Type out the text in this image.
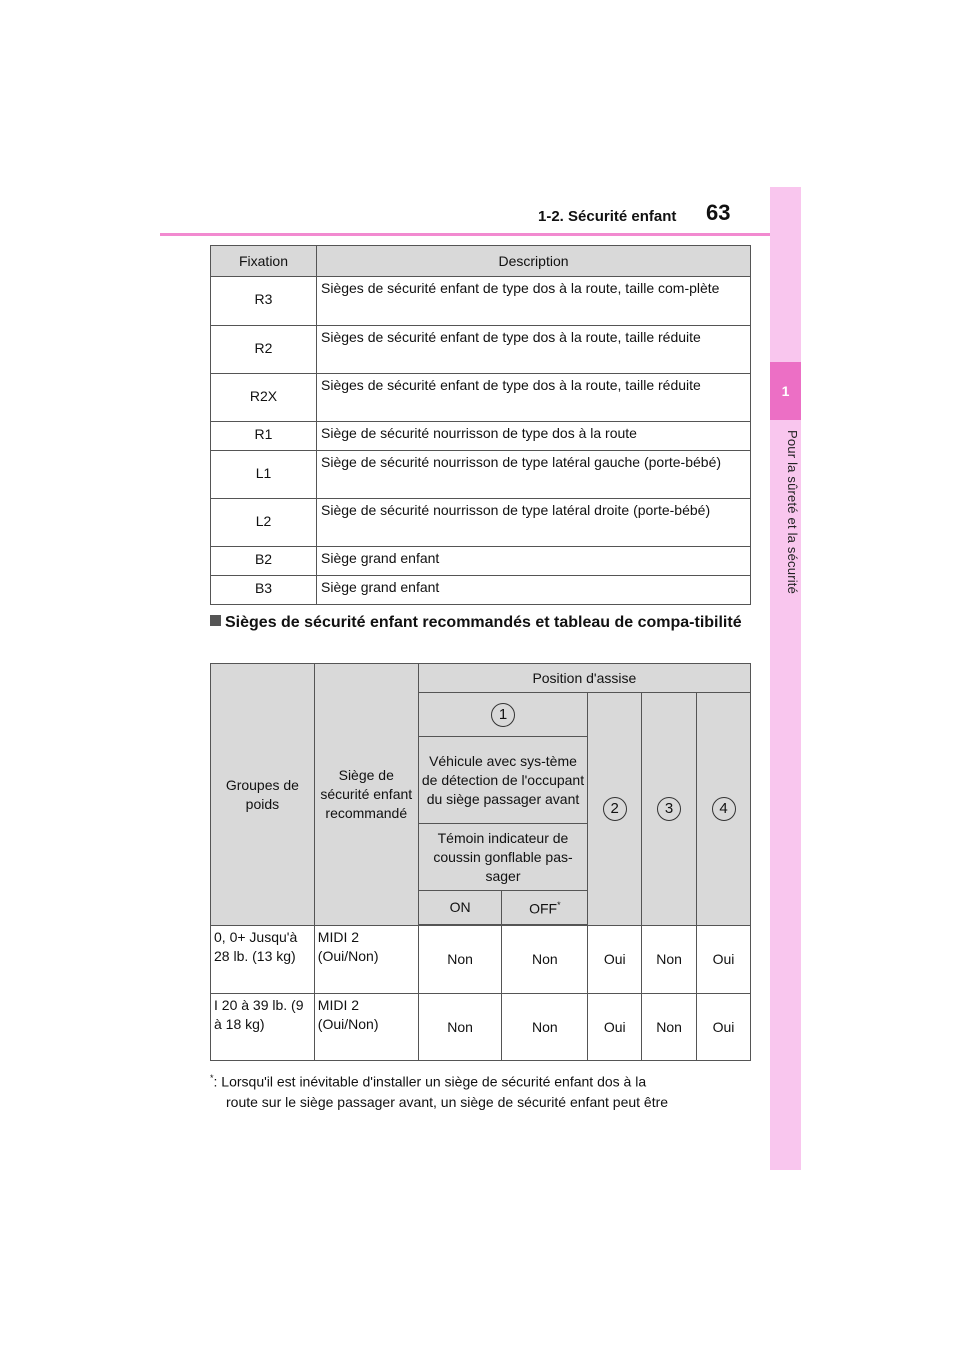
1-2. Sécurité enfant 63
1
Pour la sûreté et la sécurité
Fixation	Description
R3	Sièges de sécurité enfant de type dos à la route, taille com-plète
R2	Sièges de sécurité enfant de type dos à la route, taille réduite
R2X	Sièges de sécurité enfant de type dos à la route, taille réduite
R1	Siège de sécurité nourrisson de type dos à la route
L1	Siège de sécurité nourrisson de type latéral gauche (porte-bébé)
L2	Siège de sécurité nourrisson de type latéral droite (porte-bébé)
B2	Siège grand enfant
B3	Siège grand enfant
Sièges de sécurité enfant recommandés et tableau de compa-tibilité
Groupes de poids	Siège de sécurité enfant recommandé	Position d'assise				
		1		2	3	4
		Véhicule avec sys-tème de détection de l'occupant du siège passager avant				
		Témoin indicateur de coussin gonflable pas-sager				
		ON	OFF*

0, 0+ Jusqu'à 28 lb. (13 kg)	MIDI 2 (Oui/Non)	Non	Non	Oui	Non	Oui
I 20 à 39 lb. (9 à 18 kg)	MIDI 2 (Oui/Non)	Non	Non	Oui	Non	Oui
*: Lorsqu'il est inévitable d'installer un siège de sécurité enfant dos à la
route sur le siège passager avant, un siège de sécurité enfant peut être
